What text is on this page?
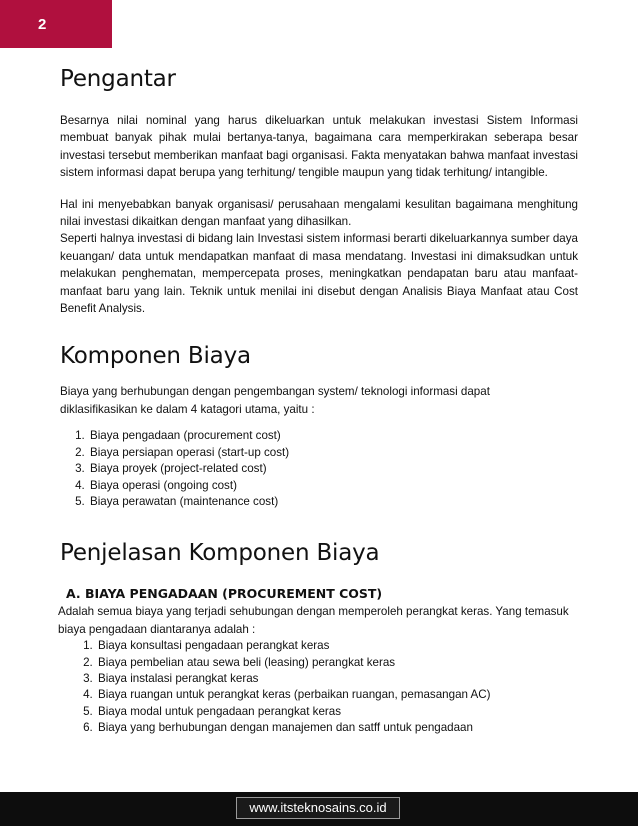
2
Pengantar

Besarnya nilai nominal yang harus dikeluarkan untuk melakukan investasi Sistem Informasi membuat banyak pihak mulai bertanya-tanya, bagaimana cara memperkirakan seberapa besar investasi tersebut memberikan manfaat bagi organisasi. Fakta menyatakan bahwa manfaat investasi sistem informasi dapat berupa yang terhitung/ tengible maupun yang tidak terhitung/ intangible.

Hal ini menyebabkan banyak organisasi/ perusahaan mengalami kesulitan bagaimana menghitung nilai investasi dikaitkan dengan manfaat yang dihasilkan.

Seperti halnya investasi di bidang lain Investasi sistem informasi berarti dikeluarkannya sumber daya keuangan/ data untuk mendapatkan manfaat di masa mendatang. Investasi ini dimaksudkan untuk melakukan penghematan, mempercepata proses, meningkatkan pendapatan baru atau manfaat-manfaat baru yang lain. Teknik untuk menilai ini disebut dengan Analisis Biaya Manfaat atau Cost Benefit Analysis.

Komponen Biaya

Biaya yang berhubungan dengan pengembangan system/ teknologi informasi dapat diklasifikasikan ke dalam 4 katagori utama, yaitu :

1. Biaya pengadaan (procurement cost)
2. Biaya persiapan operasi (start-up cost)
3. Biaya proyek (project-related cost)
4. Biaya operasi (ongoing cost)
5. Biaya perawatan (maintenance cost)
Penjelasan Komponen Biaya
A. BIAYA PENGADAAN (PROCUREMENT COST)

Adalah semua biaya yang terjadi sehubungan dengan memperoleh perangkat keras. Yang temasuk biaya pengadaan diantaranya adalah :

1. Biaya konsultasi pengadaan perangkat keras
2. Biaya pembelian atau sewa beli (leasing) perangkat keras
3. Biaya instalasi perangkat keras
4. Biaya ruangan untuk perangkat keras (perbaikan ruangan, pemasangan AC)
5. Biaya modal untuk pengadaan perangkat keras
6. Biaya yang berhubungan dengan manajemen dan satff untuk pengadaan
www.itsteknosains.co.id
